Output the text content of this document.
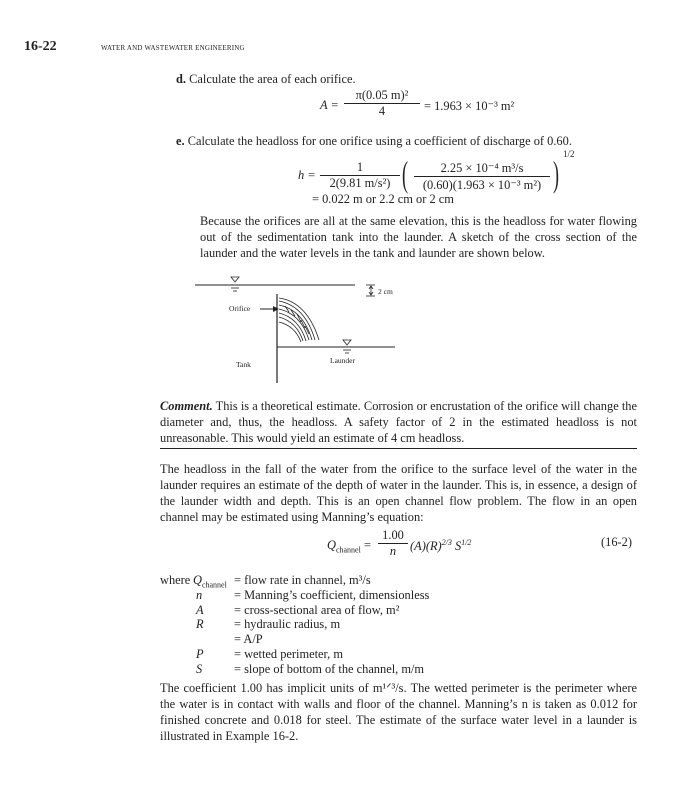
16-22	WATER AND WASTEWATER ENGINEERING
d. Calculate the area of each orifice.
$A = \frac{\text{π(0.05 m)²}}{4} = 1.963 \times 10^{-3}$ m²
e. Calculate the headloss for one orifice using a coefficient of discharge of 0.60.
$h = \frac{1}{\text{2(9.81 m/s²)}}$ ( $\frac{\text{2.25 × 10⁻⁴ m³/s}}{\text{(0.60)(1.963 × 10⁻³ m²)}}$ ) 1/2
= 0.022 m or 2.2 cm or 2 cm
Because the orifices are all at the same elevation, this is the headloss for water flowing out of the sedimentation tank into the launder. A sketch of the cross section of the launder and the water levels in the tank and launder are shown below.
Orifice
Tank	Launder
2 cm
Comment. This is a theoretical estimate. Corrosion or encrustation of the orifice will change the diameter and, thus, the headloss. A safety factor of 2 in the estimated headloss is not unreasonable. This would yield an estimate of 4 cm headloss.
The headloss in the fall of the water from the orifice to the surface level of the water in the launder requires an estimate of the depth of water in the launder. This is, in essence, a design of the launder width and depth. This is an open channel flow problem. The flow in an open channel may be estimated using Manning’s equation:
$Q_{channel} = \frac{1.00}{n} (A)(R)^{2/3}$ $S^{1/2}$	(16-2)
where $Q_{channel}$ = flow rate in channel, m³/s
n	= Manning’s coefficient, dimensionless
A = cross-sectional area of flow, m²
R = hydraulic radius, m
= A/P
P = wetted perimeter, m
S	= slope of bottom of the channel, m/m
The coefficient 1.00 has implicit units of m¹ᐟ³/s. The wetted perimeter is the perimeter where the water is in contact with walls and floor of the channel. Manning’s n is taken as 0.012 for finished concrete and 0.018 for steel. The estimate of the surface water level in a launder is illustrated in Example 16-2.
